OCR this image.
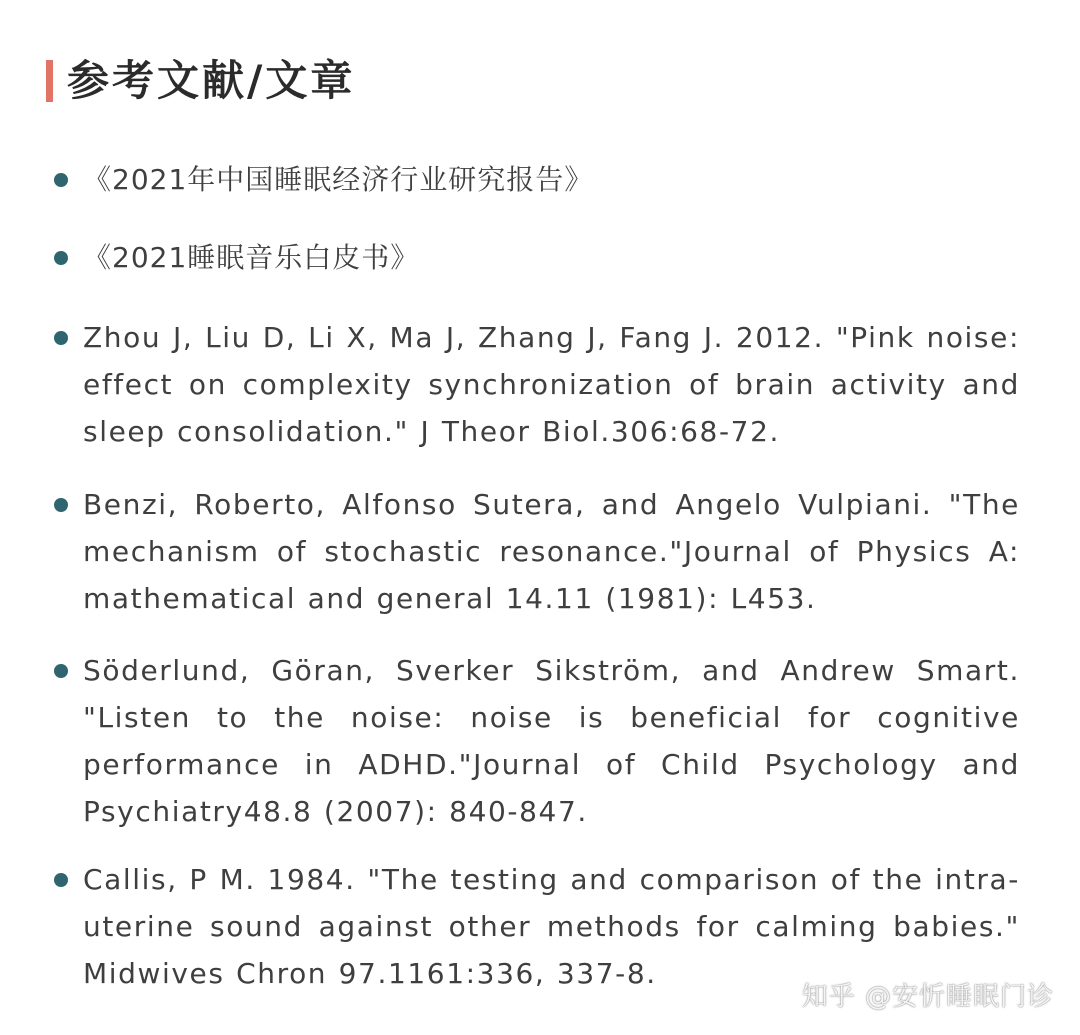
参考文献/文章
《2021年中国睡眠经济行业研究报告》
《2021睡眠音乐白皮书》
Zhou J, Liu D, Li X, Ma J, Zhang J, Fang J. 2012. "Pink noise: effect on complexity synchronization of brain activity and sleep consolidation." J Theor Biol.306:68-72.
Benzi, Roberto, Alfonso Sutera, and Angelo Vulpiani. "The mechanism of stochastic resonance."Journal of Physics A: mathematical and general 14.11 (1981): L453.
Söderlund, Göran, Sverker Sikström, and Andrew Smart. "Listen to the noise: noise is beneficial for cognitive performance in ADHD."Journal of Child Psychology and Psychiatry48.8 (2007): 840-847.
Callis, P M. 1984. "The testing and comparison of the intra-uterine sound against other methods for calming babies." Midwives Chron 97.1161:336, 337-8.
知乎 @安忻睡眠门诊
